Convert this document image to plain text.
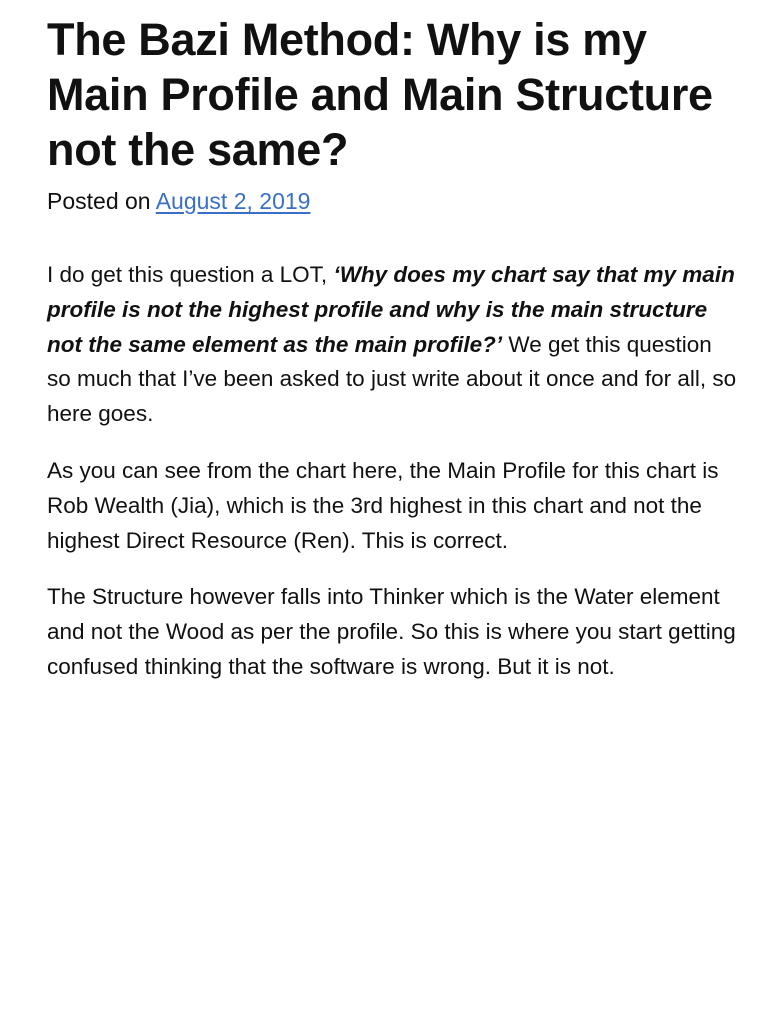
The Bazi Method: Why is my Main Profile and Main Structure not the same?
Posted on August 2, 2019

I do get this question a LOT, ‘Why does my chart say that my main profile is not the highest profile and why is the main structure not the same element as the main profile?’ We get this question so much that I’ve been asked to just write about it once and for all, so here goes.

As you can see from the chart here, the Main Profile for this chart is Rob Wealth (Jia), which is the 3rd highest in this chart and not the highest Direct Resource (Ren). This is correct.

The Structure however falls into Thinker which is the Water element and not the Wood as per the profile. So this is where you start getting confused thinking that the software is wrong. But it is not.
